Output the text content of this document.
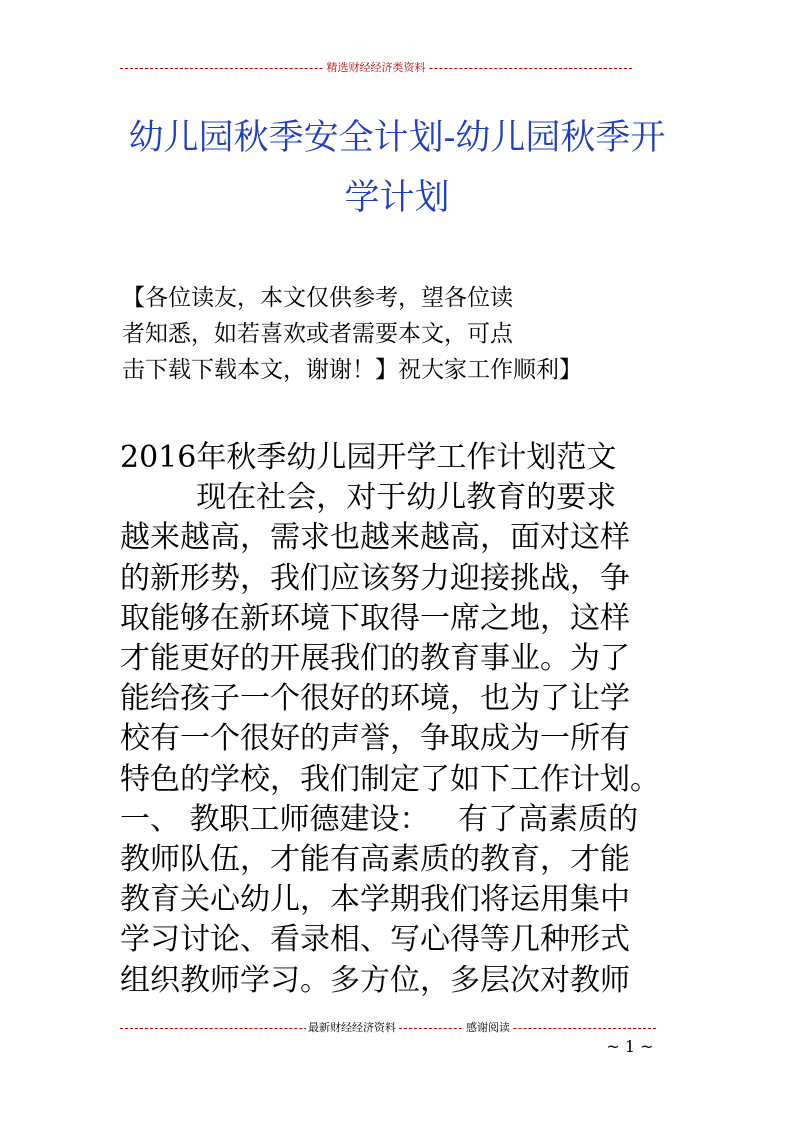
精选财经经济类资料
幼儿园秋季安全计划-幼儿园秋季开
学计划
【各位读友，本文仅供参考，望各位读
者知悉，如若喜欢或者需要本文，可点
击下载下载本文，谢谢！】祝大家工作顺利】
2016年秋季幼儿园开学工作计划范文
现在社会，对于幼儿教育的要求
越来越高，需求也越来越高，面对这样
的新形势，我们应该努力迎接挑战，争
取能够在新环境下取得一席之地，这样
才能更好的开展我们的教育事业。为了
能给孩子一个很好的环境，也为了让学
校有一个很好的声誉，争取成为一所有
特色的学校，我们制定了如下工作计划。
一、 教职工师德建设：   有了高素质的
教师队伍，才能有高素质的教育，才能
教育关心幼儿，本学期我们将运用集中
学习讨论、看录相、写心得等几种形式
组织教师学习。多方位，多层次对教师
最新财经经济资料	感谢阅读
~ 1 ~
